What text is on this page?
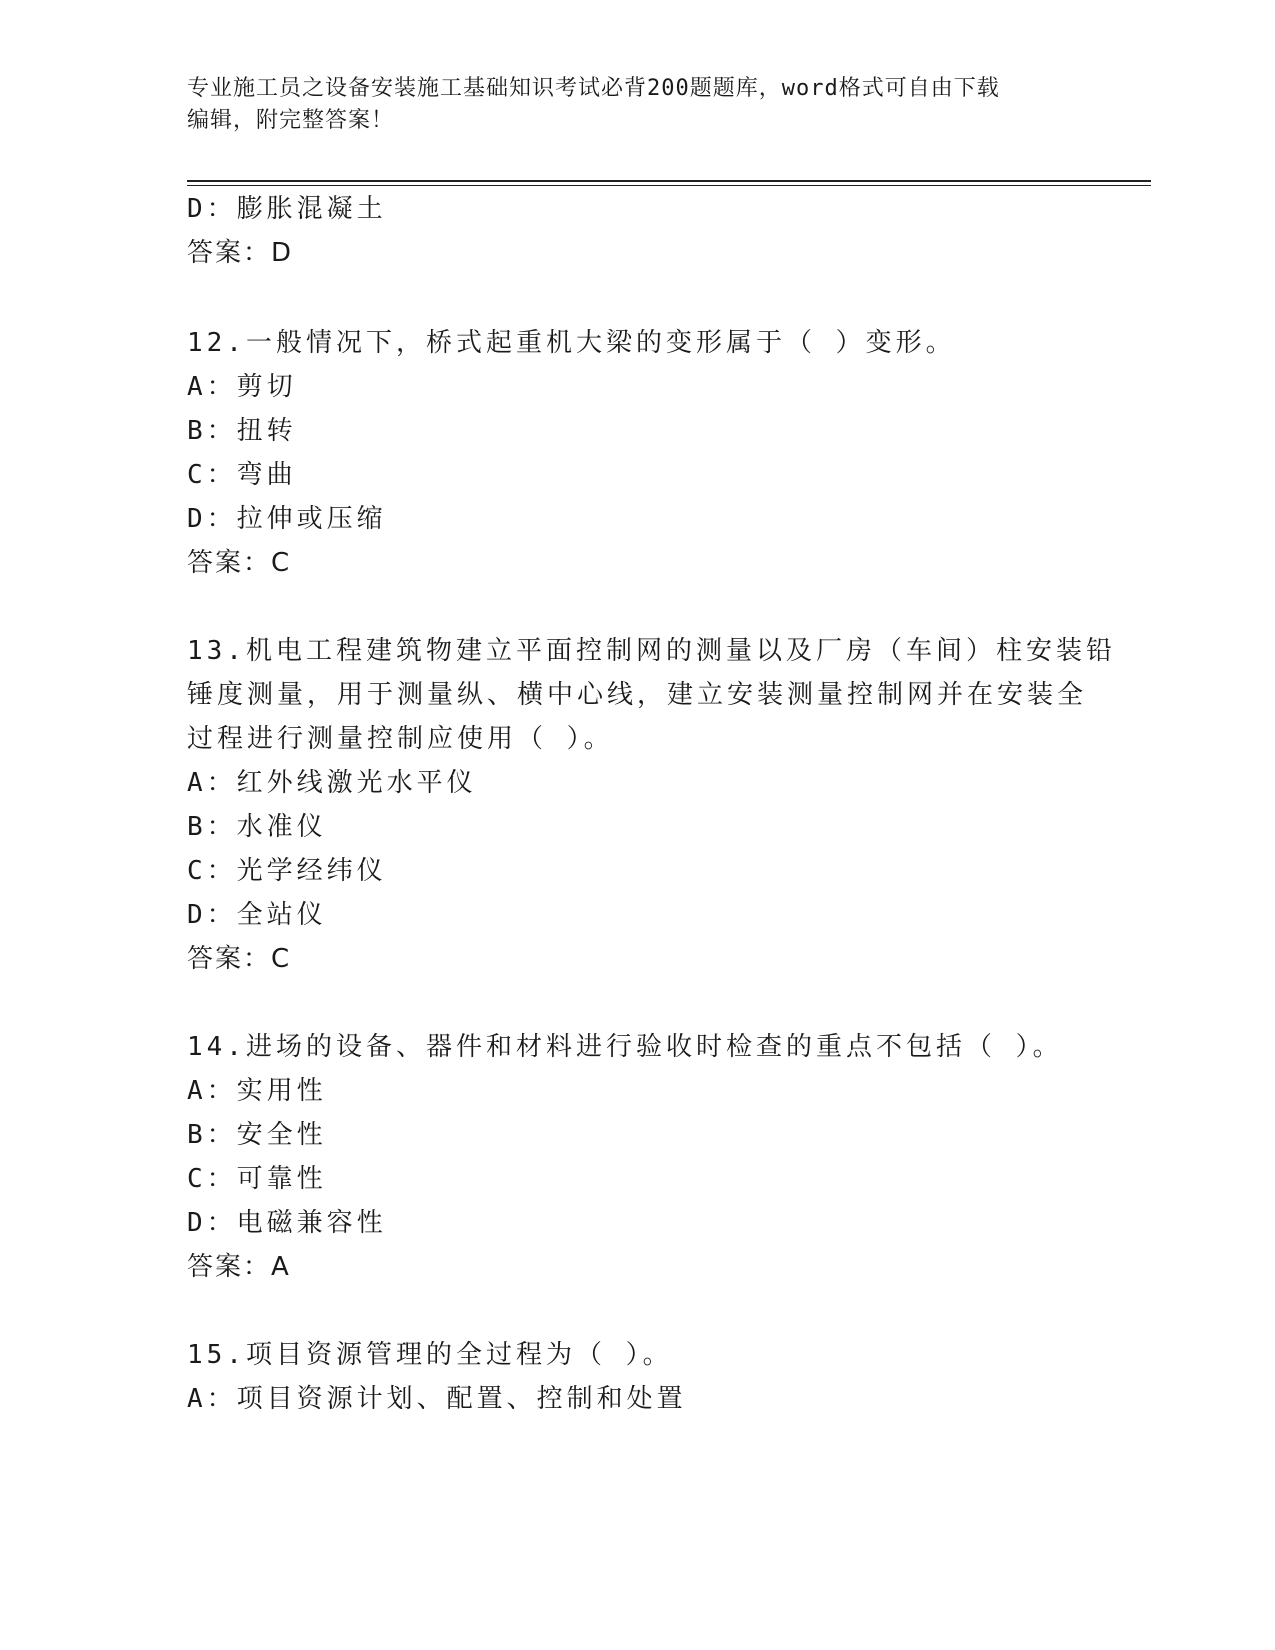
专业施工员之设备安装施工基础知识考试必背200题题库，word格式可自由下载
编辑，附完整答案！
D：膨胀混凝土
答案：D
12.一般情况下，桥式起重机大梁的变形属于（ ）变形。
A：剪切
B：扭转
C：弯曲
D：拉伸或压缩
答案：C
13.机电工程建筑物建立平面控制网的测量以及厂房（车间）柱安装铅
锤度测量，用于测量纵、横中心线，建立安装测量控制网并在安装全
过程进行测量控制应使用（ ）。
A：红外线激光水平仪
B：水准仪
C：光学经纬仪
D：全站仪
答案：C
14.进场的设备、器件和材料进行验收时检查的重点不包括（ ）。
A：实用性
B：安全性
C：可靠性
D：电磁兼容性
答案：A
15.项目资源管理的全过程为（ ）。
A：项目资源计划、配置、控制和处置
